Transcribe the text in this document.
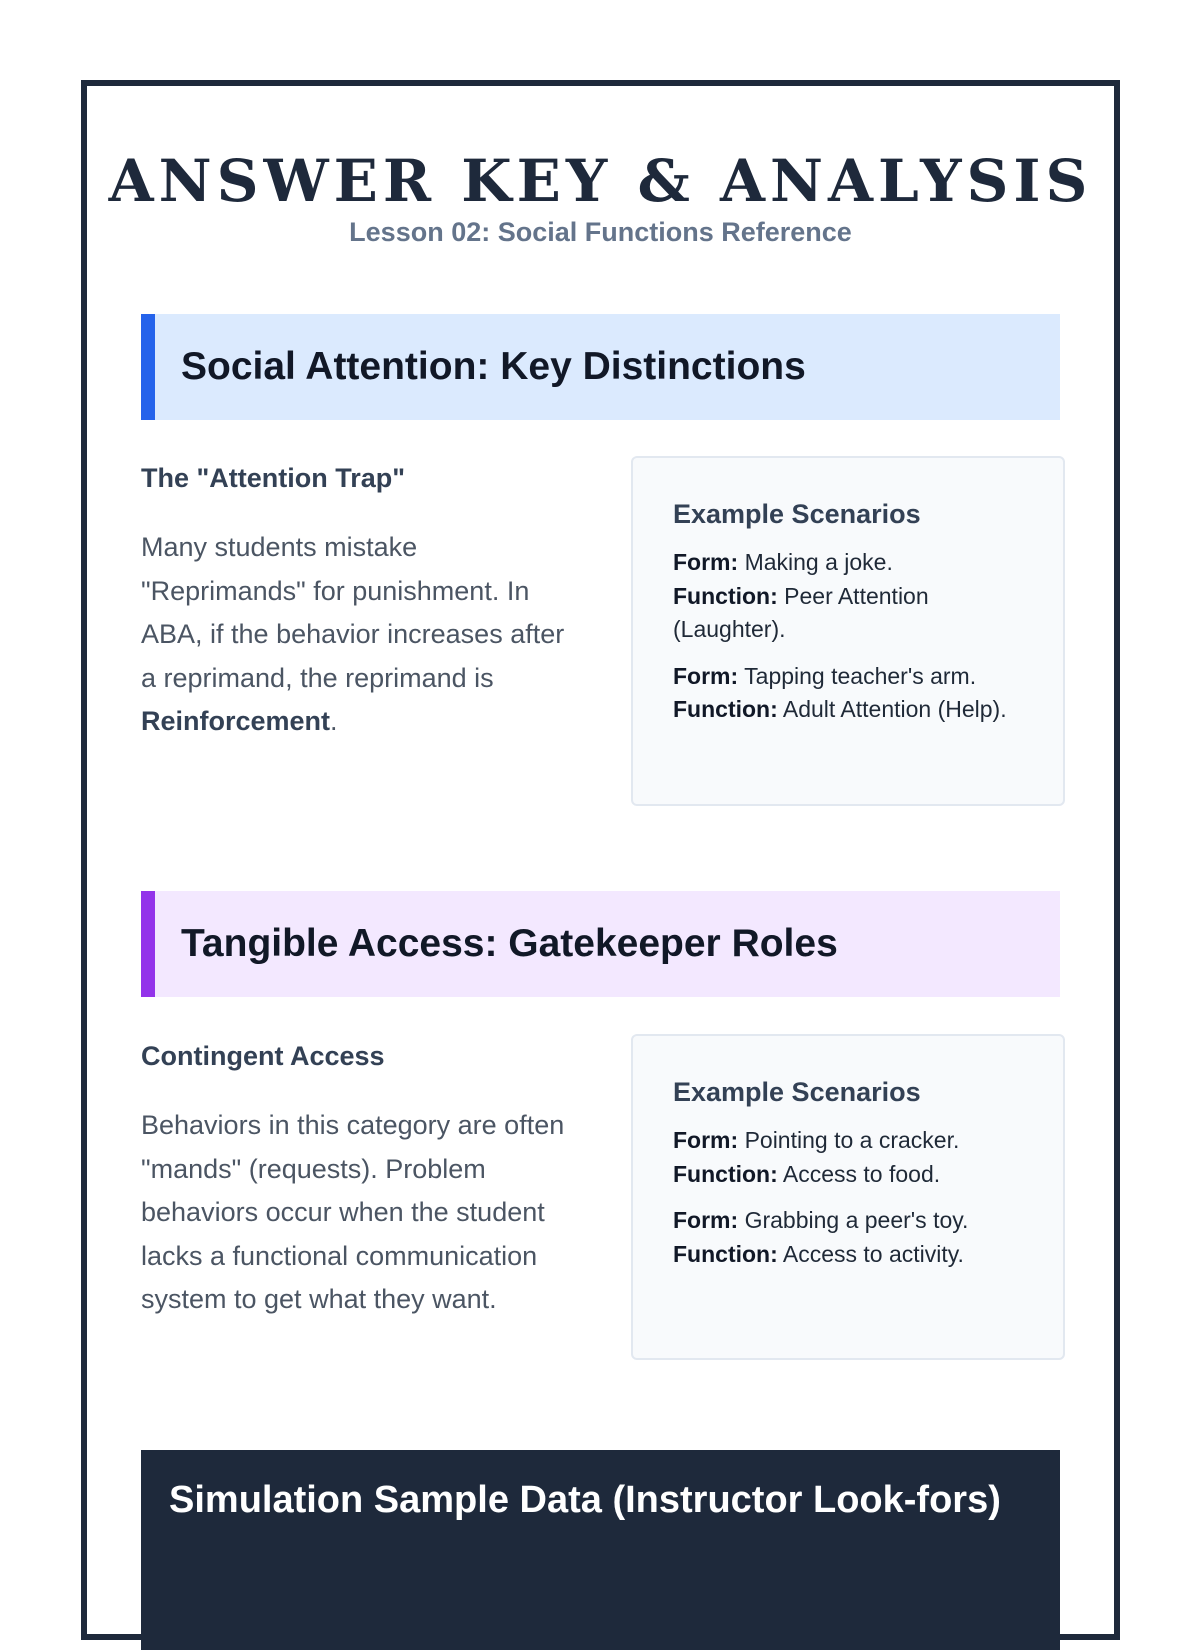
ANSWER KEY & ANALYSIS
Lesson 02: Social Functions Reference
Social Attention: Key Distinctions
The "Attention Trap"

Many students mistake "Reprimands" for punishment. In ABA, if the behavior increases after a reprimand, the reprimand is Reinforcement.

Example Scenarios
Form: Making a joke.
Function: Peer Attention (Laughter).
Form: Tapping teacher's arm.
Function: Adult Attention (Help).
Tangible Access: Gatekeeper Roles
Contingent Access

Behaviors in this category are often "mands" (requests). Problem behaviors occur when the student lacks a functional communication system to get what they want.

Example Scenarios
Form: Pointing to a cracker.
Function: Access to food.
Form: Grabbing a peer's toy.
Function: Access to activity.
Simulation Sample Data (Instructor Look-fors)
